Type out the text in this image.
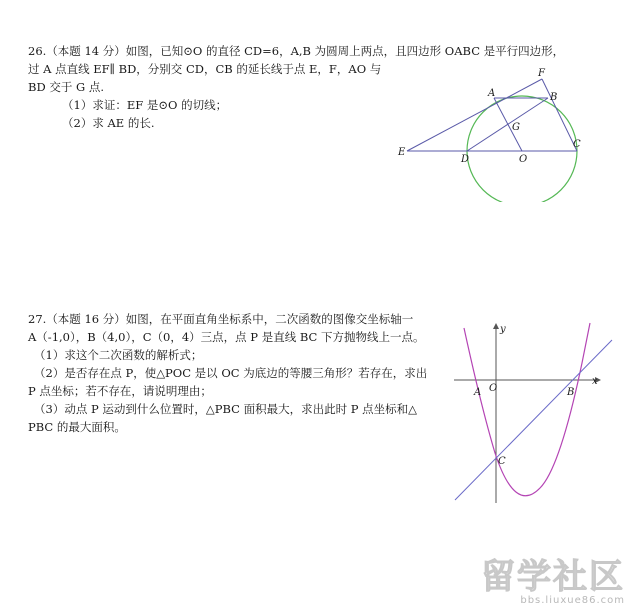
26.（本题 14 分）如图，已知⊙O 的直径 CD=6，A,B 为圆周上两点，且四边形 OABC 是平行四边形，
过 A 点直线 EF∥ BD，分别交 CD，CB 的延长线于点 E，F，AO 与
BD 交于 G 点.
（1）求证：EF 是⊙O 的切线；
（2）求 AE 的长.
F
A	B
G
E
D	O
C
27.（本题 16 分）如图，在平面直角坐标系中，二次函数的图像交坐标轴一
A（-1,0），B（4,0），C（0，4）三点，点 P 是直线 BC 下方抛物线上一点。
（1）求这个二次函数的解析式；
（2）是否存在点 P，使△POC 是以 OC 为底边的等腰三角形？若存在，求出
P 点坐标；若不存在，请说明理由；
（3）动点 P 运动到什么位置时，△PBC 面积最大，求出此时 P 点坐标和△
PBC 的最大面积。
y
x
O
A	B
C
留学社区
bbs.liuxue86.com
